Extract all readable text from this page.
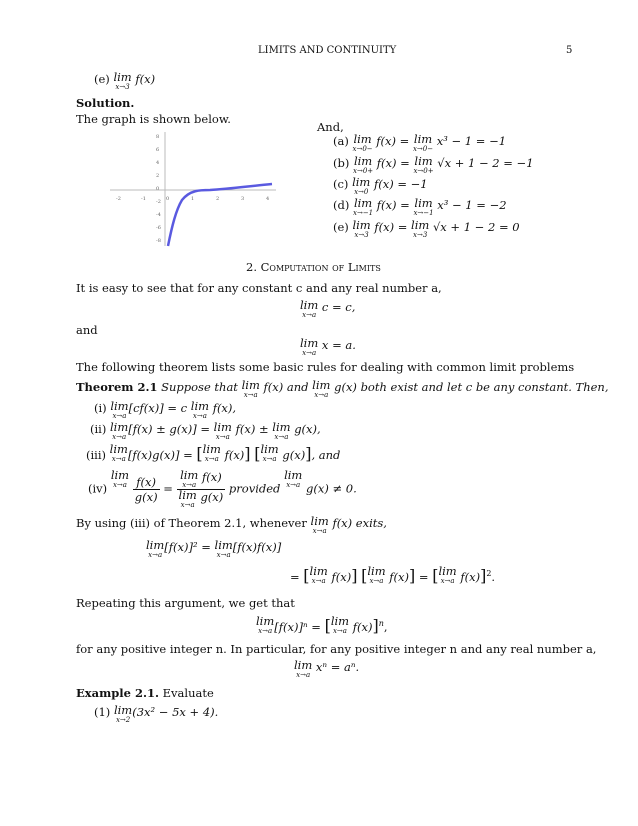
LIMITS AND CONTINUITY	5
(e) lim
x→3
f(x)
Solution.
The graph is shown below.
And,
-2	-1	0	1	2	3	4
8
6
4
2
0
-2
-4
-6
-8
(a) lim
x→0−
f(x) = lim
x→0−
x³ − 1 = −1
(b) lim
x→0+
f(x) = lim
x→0+
√x + 1 − 2 = −1
(c) lim
x→0
f(x) = −1
(d) lim
x→−1
f(x) = lim
x→−1
x³ − 1 = −2
(e) lim
x→3
f(x) = lim
x→3
√x + 1 − 2 = 0
2. Computation of Limits
It is easy to see that for any constant c and any real number a,
lim
x→a
c = c,
and
lim
x→a
x = a.
The following theorem lists some basic rules for dealing with common limit problems
Theorem 2.1 Suppose that lim
x→a
f(x) and lim
x→a
g(x) both exist and let c be any constant. Then,
(i) lim
x→a
[cf(x)] = c lim
x→a
f(x),
(ii) lim
x→a
[f(x) ± g(x)] = lim
x→a
f(x) ± lim
x→a
g(x),
(iii) lim
x→a [f(x)g(x)] = [lim
x→a f(x)] [lim
x→a g(x)], and
(iv) lim
x→a
$\frac{f(x)}{g(x)} = \lim$
x→a
f(x)
lim
x→a
g(x) provided lim
x→a g(x) ≠ 0.
By using (iii) of Theorem 2.1, whenever lim
x→a
f(x) exits,
lim
x→a
[f(x)]² = lim
x→a
[f(x)f(x)]
= [lim
x→a f(x)] [lim
x→a f(x)] = [lim
x→a f(x)]$^2$.
Repeating this argument, we get that
lim
x→a [f(x)]ⁿ = [lim
x→a f(x)]$^n$,
for any positive integer n. In particular, for any positive integer n and any real number a,
lim
x→a
xⁿ = aⁿ.
Example 2.1. Evaluate
(1) lim
x→2
(3x² − 5x + 4).
